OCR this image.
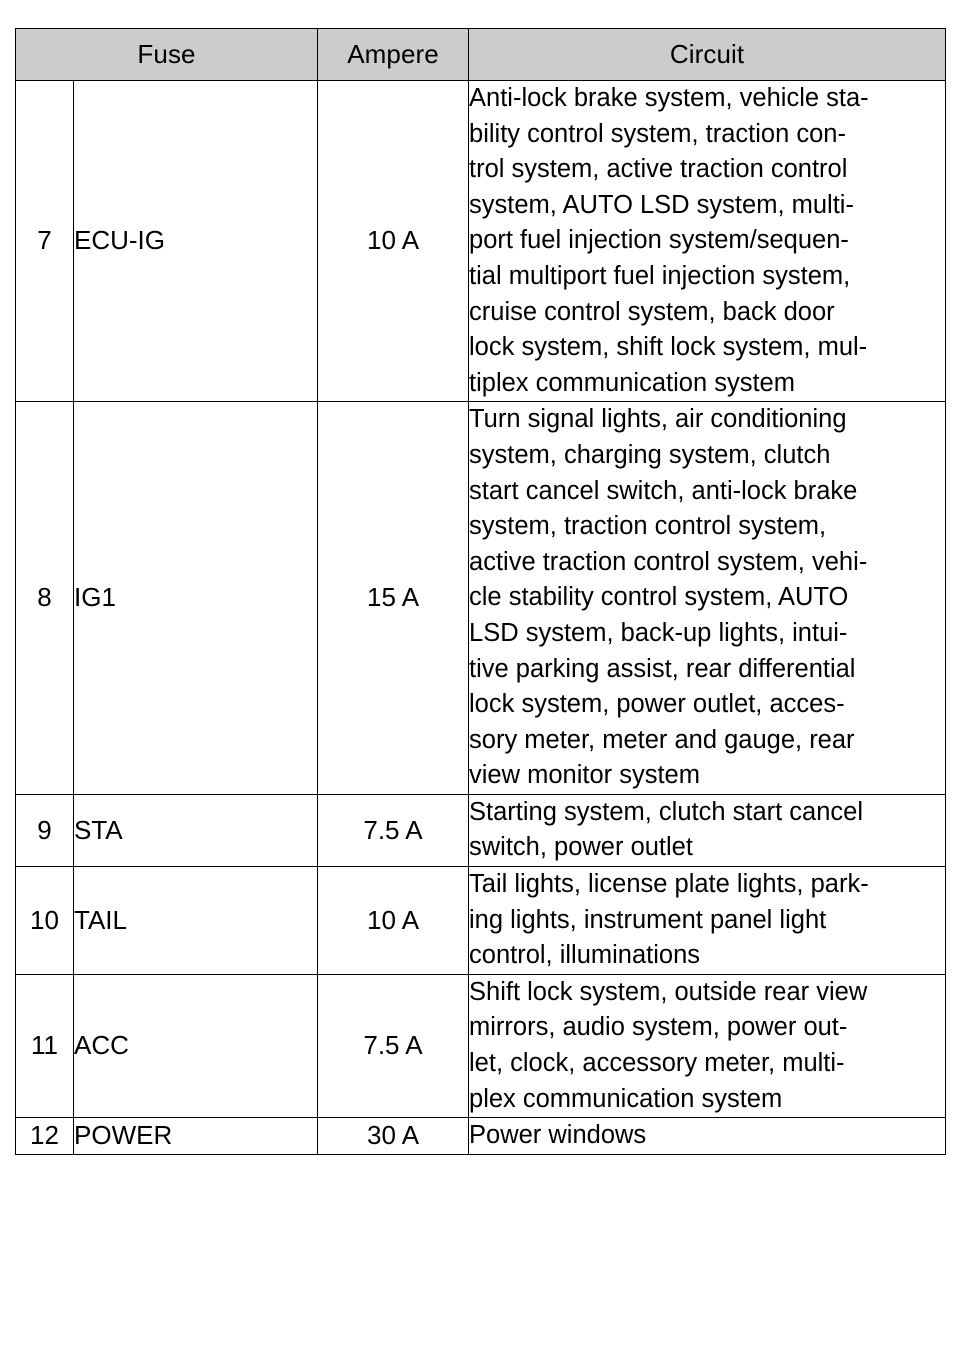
Fuse		Ampere	Circuit
7	ECU-IG	10 A	
Anti-lock brake system, vehicle sta-
bility control system, traction con-
trol system, active traction control
system, AUTO LSD system, multi-
port fuel injection system/sequen-
tial multiport fuel injection system,
cruise control system, back door
lock system, shift lock system, mul-
tiplex communication system

8	IG1	15 A	
Turn signal lights, air conditioning
system, charging system, clutch
start cancel switch, anti-lock brake
system, traction control system,
active traction control system, vehi-
cle stability control system, AUTO
LSD system, back-up lights, intui-
tive parking assist, rear differential
lock system, power outlet, acces-
sory meter, meter and gauge, rear
view monitor system

9	STA	7.5 A	Starting system, clutch start cancel
switch, power outlet

10	TAIL	10 A	Tail lights, license plate lights, park-
ing lights, instrument panel light
control, illuminations

11	ACC	7.5 A	Shift lock system, outside rear view
mirrors, audio system, power out-
let, clock, accessory meter, multi-
plex communication system

12	POWER	30 A	Power windows
